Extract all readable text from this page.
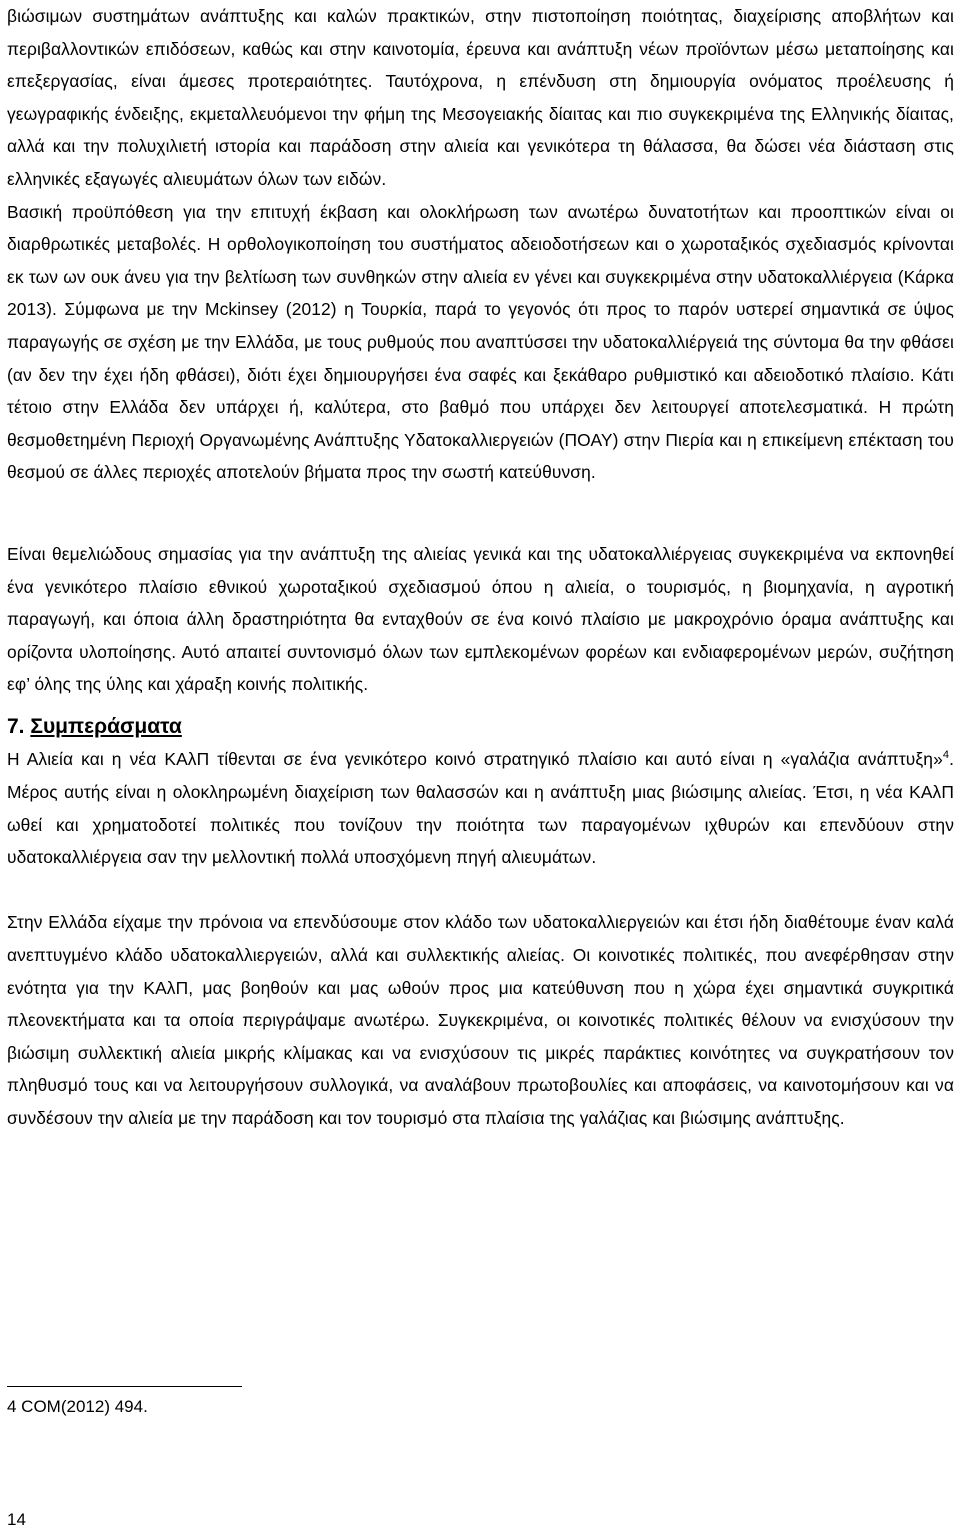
βιώσιμων συστημάτων ανάπτυξης και καλών πρακτικών, στην πιστοποίηση ποιότητας, διαχείρισης αποβλήτων και περιβαλλοντικών επιδόσεων, καθώς και στην καινοτομία, έρευνα και ανάπτυξη νέων προϊόντων μέσω μεταποίησης και επεξεργασίας, είναι άμεσες προτεραιότητες. Ταυτόχρονα, η επένδυση στη δημιουργία ονόματος προέλευσης ή γεωγραφικής ένδειξης, εκμεταλλευόμενοι την φήμη της Μεσογειακής δίαιτας και πιο συγκεκριμένα της Ελληνικής δίαιτας, αλλά και την πολυχιλιετή ιστορία και παράδοση στην αλιεία και γενικότερα τη θάλασσα, θα δώσει νέα διάσταση στις ελληνικές εξαγωγές αλιευμάτων όλων των ειδών.

Βασική προϋπόθεση για την επιτυχή έκβαση και ολοκλήρωση των ανωτέρω δυνατοτήτων και προοπτικών είναι οι διαρθρωτικές μεταβολές. Η ορθολογικοποίηση του συστήματος αδειοδοτήσεων και ο χωροταξικός σχεδιασμός κρίνονται εκ των ων ουκ άνευ για την βελτίωση των συνθηκών στην αλιεία εν γένει και συγκεκριμένα στην υδατοκαλλιέργεια (Κάρκα 2013). Σύμφωνα με την Mckinsey (2012) η Τουρκία, παρά το γεγονός ότι προς το παρόν υστερεί σημαντικά σε ύψος παραγωγής σε σχέση με την Ελλάδα, με τους ρυθμούς που αναπτύσσει την υδατοκαλλιέργειά της σύντομα θα την φθάσει (αν δεν την έχει ήδη φθάσει), διότι έχει δημιουργήσει ένα σαφές και ξεκάθαρο ρυθμιστικό και αδειοδοτικό πλαίσιο. Κάτι τέτοιο στην Ελλάδα δεν υπάρχει ή, καλύτερα, στο βαθμό που υπάρχει δεν λειτουργεί αποτελεσματικά. Η πρώτη θεσμοθετημένη Περιοχή Οργανωμένης Ανάπτυξης Υδατοκαλλιεργειών (ΠΟΑΥ) στην Πιερία και η επικείμενη επέκταση του θεσμού σε άλλες περιοχές αποτελούν βήματα προς την σωστή κατεύθυνση.

Είναι θεμελιώδους σημασίας για την ανάπτυξη της αλιείας γενικά και της υδατοκαλλιέργειας συγκεκριμένα να εκπονηθεί ένα γενικότερο πλαίσιο εθνικού χωροταξικού σχεδιασμού όπου η αλιεία, ο τουρισμός, η βιομηχανία, η αγροτική παραγωγή, και όποια άλλη δραστηριότητα θα ενταχθούν σε ένα κοινό πλαίσιο με μακροχρόνιο όραμα ανάπτυξης και ορίζοντα υλοποίησης. Αυτό απαιτεί συντονισμό όλων των εμπλεκομένων φορέων και ενδιαφερομένων μερών, συζήτηση εφ’ όλης της ύλης και χάραξη κοινής πολιτικής.

7. Συμπεράσματα

Η Αλιεία και η νέα ΚΑλΠ τίθενται σε ένα γενικότερο κοινό στρατηγικό πλαίσιο και αυτό είναι η «γαλάζια ανάπτυξη»$^4$. Μέρος αυτής είναι η ολοκληρωμένη διαχείριση των θαλασσών και η ανάπτυξη μιας βιώσιμης αλιείας. Έτσι, η νέα ΚΑλΠ ωθεί και χρηματοδοτεί πολιτικές που τονίζουν την ποιότητα των παραγομένων ιχθυρών και επενδύουν στην υδατοκαλλιέργεια σαν την μελλοντική πολλά υποσχόμενη πηγή αλιευμάτων.

Στην Ελλάδα είχαμε την πρόνοια να επενδύσουμε στον κλάδο των υδατοκαλλιεργειών και έτσι ήδη διαθέτουμε έναν καλά ανεπτυγμένο κλάδο υδατοκαλλιεργειών, αλλά και συλλεκτικής αλιείας. Οι κοινοτικές πολιτικές, που ανεφέρθησαν στην ενότητα για την ΚΑλΠ, μας βοηθούν και μας ωθούν προς μια κατεύθυνση που η χώρα έχει σημαντικά συγκριτικά πλεονεκτήματα και τα οποία περιγράψαμε ανωτέρω. Συγκεκριμένα, οι κοινοτικές πολιτικές θέλουν να ενισχύσουν την βιώσιμη συλλεκτική αλιεία μικρής κλίμακας και να ενισχύσουν τις μικρές παράκτιες κοινότητες να συγκρατήσουν τον πληθυσμό τους και να λειτουργήσουν συλλογικά, να αναλάβουν πρωτοβουλίες και αποφάσεις, να καινοτομήσουν και να συνδέσουν την αλιεία με την παράδοση και τον τουρισμό στα πλαίσια της γαλάζιας και βιώσιμης ανάπτυξης.

4 COM(2012) 494.
14
